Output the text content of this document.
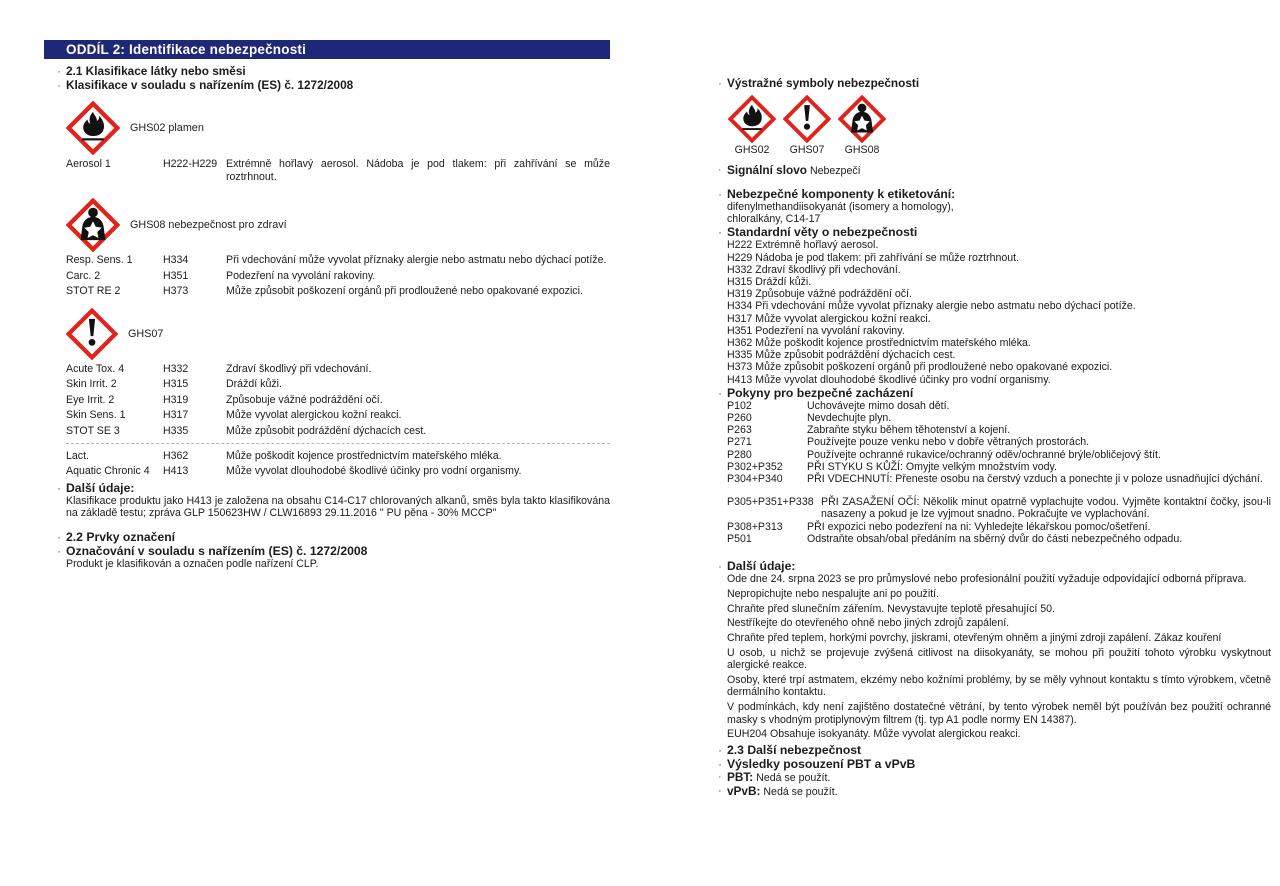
ODDÍL 2: Identifikace nebezpečnosti
· 2.1 Klasifikace látky nebo směsi
· Klasifikace v souladu s nařízením (ES) č. 1272/2008
GHS02 plamen
Aerosol 1	H222-H229 Extrémně hořlavý aerosol. Nádoba je pod tlakem: při zahřívání se může roztrhnout.
GHS08 nebezpečnost pro zdraví
Resp. Sens. 1	H334	Při vdechování může vyvolat příznaky alergie nebo astmatu nebo dýchací potíže.
Carc. 2	H351	Podezření na vyvolání rakoviny.
STOT RE 2	H373	Může způsobit poškození orgánů při prodloužené nebo opakované expozici.
GHS07
Acute Tox. 4	H332	Zdraví škodlivý při vdechování.
Skin Irrit. 2	H315	Dráždí kůži.
Eye Irrit. 2	H319	Způsobuje vážné podráždění očí.
Skin Sens. 1	H317	Může vyvolat alergickou kožní reakci.
STOT SE 3	H335	Může způsobit podráždění dýchacích cest.
Lact.	H362	Může poškodit kojence prostřednictvím mateřského mléka.
Aquatic Chronic 4	H413	Může vyvolat dlouhodobé škodlivé účinky pro vodní organismy.
· Další údaje:
Klasifikace produktu jako H413 je založena na obsahu C14-C17 chlorovaných alkanů, směs byla takto klasifikována na základě testu; zpráva GLP 150623HW / CLW16893 29.11.2016 " PU pěna - 30% MCCP"
· 2.2 Prvky označení
· Označování v souladu s nařízením (ES) č. 1272/2008
Produkt je klasifikován a označen podle nařízení CLP.
· Výstražné symboly nebezpečnosti
GHS02 GHS07 GHS08
· Signální slovo Nebezpečí
· Nebezpečné komponenty k etiketování:
difenylmethandiisokyanát (isomery a homology),
chloralkány, C14-17
· Standardní věty o nebezpečnosti
H222 Extrémně hořlavý aerosol.
H229 Nádoba je pod tlakem: při zahřívání se může roztrhnout.
H332 Zdraví škodlivý při vdechování.
H315 Dráždí kůži.
H319 Způsobuje vážné podráždění očí.
H334 Při vdechování může vyvolat příznaky alergie nebo astmatu nebo dýchací potíže.
H317 Může vyvolat alergickou kožní reakci.
H351 Podezření na vyvolání rakoviny.
H362 Může poškodit kojence prostřednictvím mateřského mléka.
H335 Může způsobit podráždění dýchacích cest.
H373 Může způsobit poškození orgánů při prodloužené nebo opakované expozici.
H413 Může vyvolat dlouhodobé škodlivé účinky pro vodní organismy.
· Pokyny pro bezpečné zacházení
P102	Uchovávejte mimo dosah dětí.
P260	Nevdechujte plyn.
P263	Zabraňte styku během těhotenství a kojení.
P271	Používejte pouze venku nebo v dobře větraných prostorách.
P280	Používejte ochranné rukavice/ochranný oděv/ochranné brýle/obličejový štít.
P302+P352	PŘI STYKU S KŮŽÍ: Omyjte velkým množstvím vody.
P304+P340	PŘI VDECHNUTÍ: Přeneste osobu na čerstvý vzduch a ponechte ji v poloze usnadňující dýchání.
P305+P351+P338 PŘI ZASAŽENÍ OČÍ: Několik minut opatrně vyplachujte vodou. Vyjměte kontaktní čočky, jsou-li nasazeny a pokud je lze vyjmout snadno. Pokračujte ve vyplachování.
P308+P313	PŘI expozici nebo podezření na ni: Vyhledejte lékařskou pomoc/ošetření.
P501	Odstraňte obsah/obal předáním na sběrný dvůr do části nebezpečného odpadu.
· Další údaje:
Ode dne 24. srpna 2023 se pro průmyslové nebo profesionální použití vyžaduje odpovídající odborná příprava.
Nepropichujte nebo nespalujte ani po použití.
Chraňte před slunečním zářením. Nevystavujte teplotě přesahující 50.
Nestříkejte do otevřeného ohně nebo jiných zdrojů zapálení.
Chraňte před teplem, horkými povrchy, jiskrami, otevřeným ohněm a jinými zdroji zapálení. Zákaz kouření
U osob, u nichž se projevuje zvýšená citlivost na diisokyanáty, se mohou při použití tohoto výrobku vyskytnout alergické reakce.
Osoby, které trpí astmatem, ekzémy nebo kožními problémy, by se měly vyhnout kontaktu s tímto výrobkem, včetně dermálního kontaktu.
V podmínkách, kdy není zajištěno dostatečné větrání, by tento výrobek neměl být používán bez použití ochranné masky s vhodným protiplynovým filtrem (tj. typ A1 podle normy EN 14387).
EUH204 Obsahuje isokyanáty. Může vyvolat alergickou reakci.
· 2.3 Další nebezpečnost
· Výsledky posouzení PBT a vPvB
· PBT: Nedá se použít.
· vPvB: Nedá se použít.
